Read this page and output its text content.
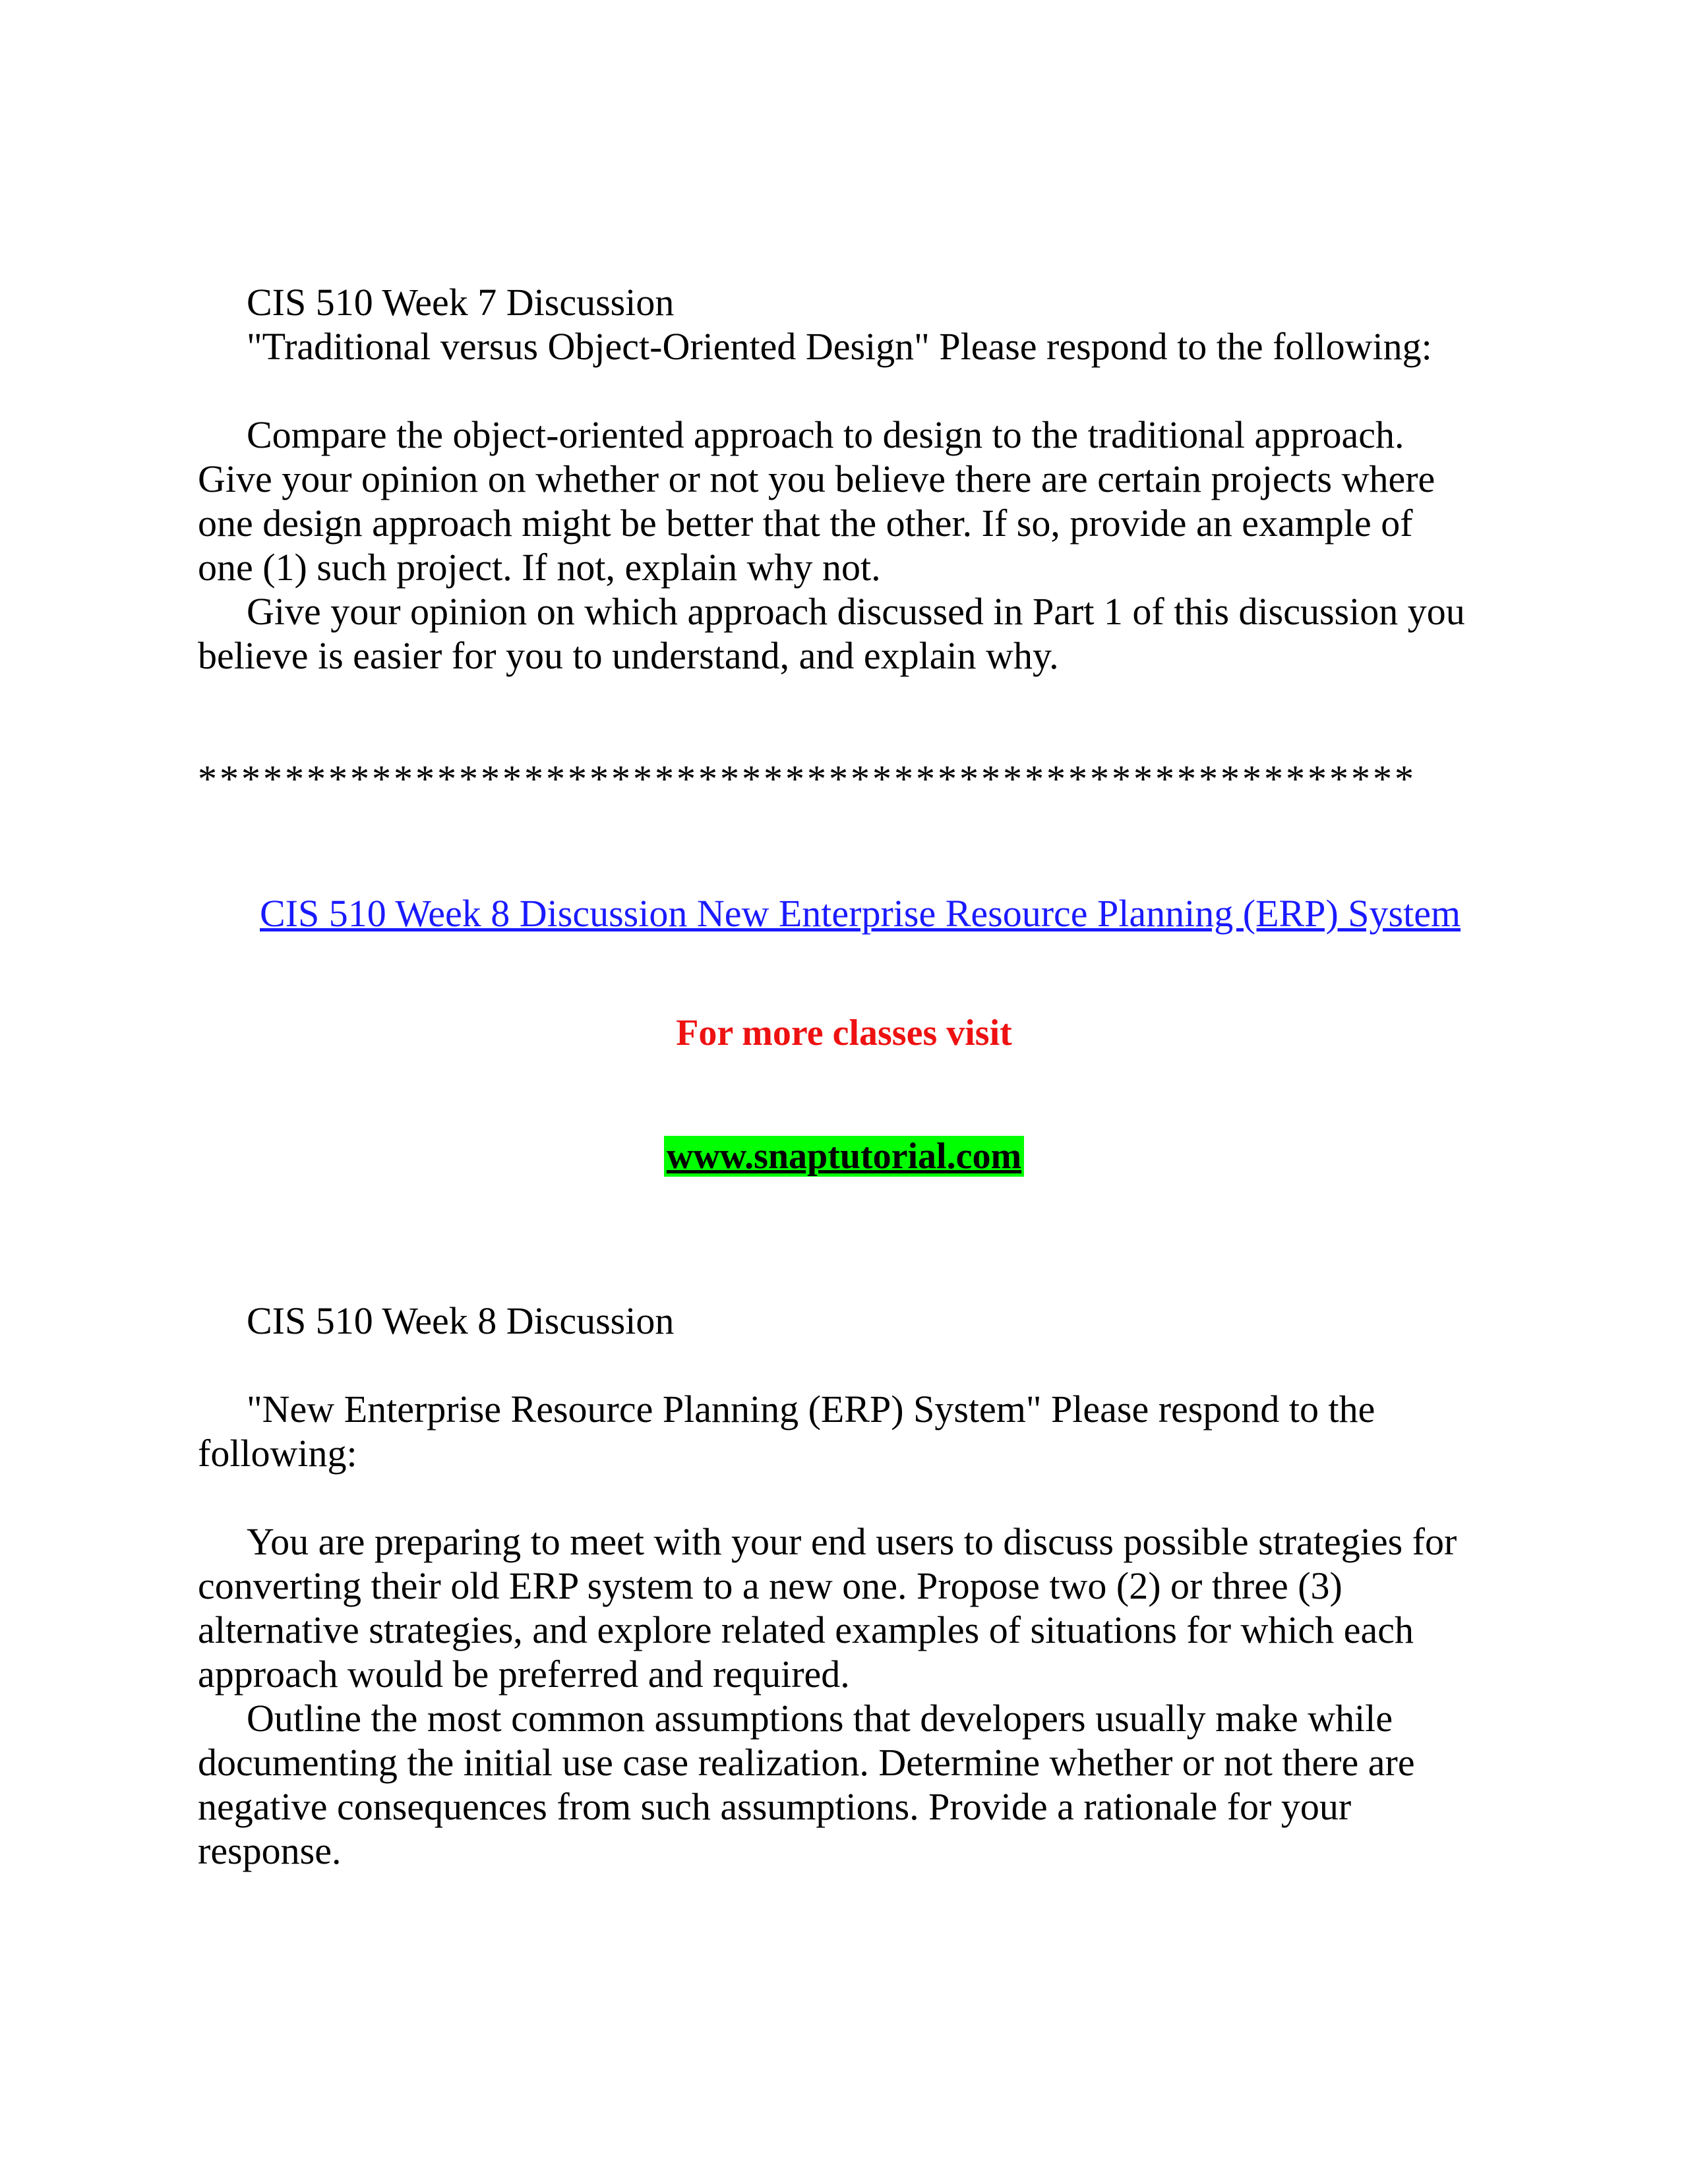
CIS 510 Week 7 Discussion

"Traditional versus Object-Oriented Design" Please respond to the following:

Compare the object-oriented approach to design to the traditional approach.

Give your opinion on whether or not you believe there are certain projects where

one design approach might be better that the other. If so, provide an example of

one (1) such project. If not, explain why not.

Give your opinion on which approach discussed in Part 1 of this discussion you

believe is easier for you to understand, and explain why.

********************************************************
CIS 510 Week 8 Discussion New Enterprise Resource Planning (ERP) System
For more classes visit
www.snaptutorial.com

CIS 510 Week 8 Discussion

"New Enterprise Resource Planning (ERP) System" Please respond to the

following:

You are preparing to meet with your end users to discuss possible strategies for

converting their old ERP system to a new one. Propose two (2) or three (3)

alternative strategies, and explore related examples of situations for which each

approach would be preferred and required.

Outline the most common assumptions that developers usually make while

documenting the initial use case realization. Determine whether or not there are

negative consequences from such assumptions. Provide a rationale for your

response.
